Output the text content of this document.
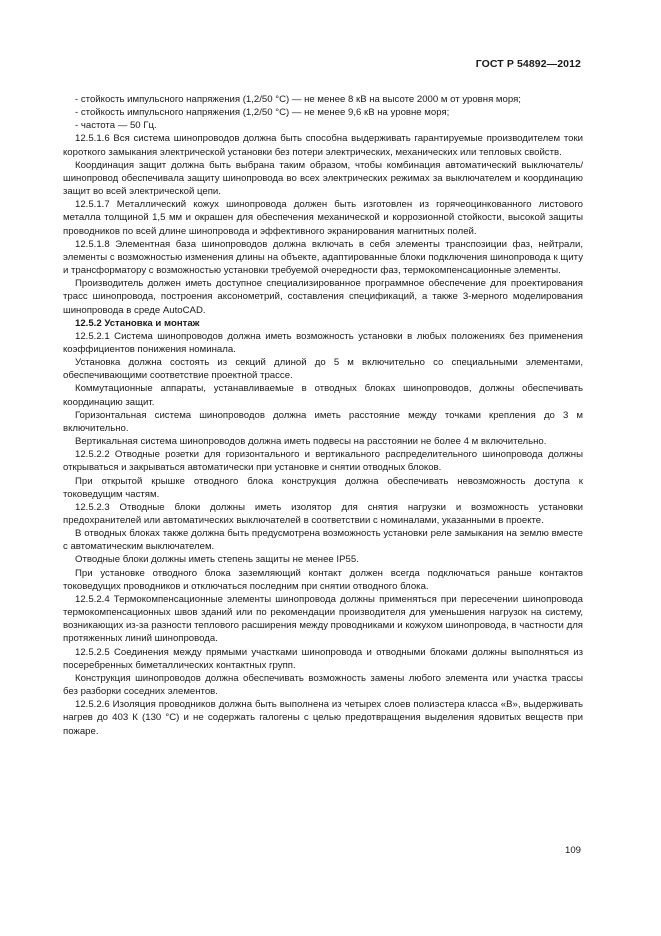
ГОСТ Р 54892—2012

- стойкость импульсного напряжения (1,2/50 °С) — не менее 8 кВ на высоте 2000 м от уровня моря;

- стойкость импульсного напряжения (1,2/50 °С) — не менее 9,6 кВ на уровне моря;

- частота — 50 Гц.

12.5.1.6 Вся система шинопроводов должна быть способна выдерживать гарантируемые производителем токи короткого замыкания электрической установки без потери электрических, механических или тепловых свойств.

Координация защит должна быть выбрана таким образом, чтобы комбинация автоматический выключатель/шинопровод обеспечивала защиту шинопровода во всех электрических режимах за выключателем и координацию защит во всей электрической цепи.

12.5.1.7 Металлический кожух шинопровода должен быть изготовлен из горячеоцинкованного листового металла толщиной 1,5 мм и окрашен для обеспечения механической и коррозионной стойкости, высокой защиты проводников по всей длине шинопровода и эффективного экранирования магнитных полей.

12.5.1.8 Элементная база шинопроводов должна включать в себя элементы транспозиции фаз, нейтрали, элементы с возможностью изменения длины на объекте, адаптированные блоки подключения шинопровода к щиту и трансформатору с возможностью установки требуемой очередности фаз, термокомпенсационные элементы.

Производитель должен иметь доступное специализированное программное обеспечение для проектирования трасс шинопровода, построения аксонометрий, составления спецификаций, а также 3-мерного моделирования шинопровода в среде AutoCAD.

12.5.2 Установка и монтаж

12.5.2.1 Система шинопроводов должна иметь возможность установки в любых положениях без применения коэффициентов понижения номинала.

Установка должна состоять из секций длиной до 5 м включительно со специальными элементами, обеспечивающими соответствие проектной трассе.

Коммутационные аппараты, устанавливаемые в отводных блоках шинопроводов, должны обеспечивать координацию защит.

Горизонтальная система шинопроводов должна иметь расстояние между точками крепления до 3 м включительно.

Вертикальная система шинопроводов должна иметь подвесы на расстоянии не более 4 м включительно.

12.5.2.2 Отводные розетки для горизонтального и вертикального распределительного шинопровода должны открываться и закрываться автоматически при установке и снятии отводных блоков.

При открытой крышке отводного блока конструкция должна обеспечивать невозможность доступа к токоведущим частям.

12.5.2.3 Отводные блоки должны иметь изолятор для снятия нагрузки и возможность установки предохранителей или автоматических выключателей в соответствии с номиналами, указанными в проекте.

В отводных блоках также должна быть предусмотрена возможность установки реле замыкания на землю вместе с автоматическим выключателем.

Отводные блоки должны иметь степень защиты не менее IP55.

При установке отводного блока заземляющий контакт должен всегда подключаться раньше контактов токоведущих проводников и отключаться последним при снятии отводного блока.

12.5.2.4 Термокомпенсационные элементы шинопровода должны применяться при пересечении шинопровода термокомпенсационных швов зданий или по рекомендации производителя для уменьшения нагрузок на систему, возникающих из-за разности теплового расширения между проводниками и кожухом шинопровода, в частности для протяженных линий шинопровода.

12.5.2.5 Соединения между прямыми участками шинопровода и отводными блоками должны выполняться из посеребренных биметаллических контактных групп.

Конструкция шинопроводов должна обеспечивать возможность замены любого элемента или участка трассы без разборки соседних элементов.

12.5.2.6 Изоляция проводников должна быть выполнена из четырех слоев полиэстера класса «В», выдерживать нагрев до 403 К (130 °С) и не содержать галогены с целью предотвращения выделения ядовитых веществ при пожаре.

109
